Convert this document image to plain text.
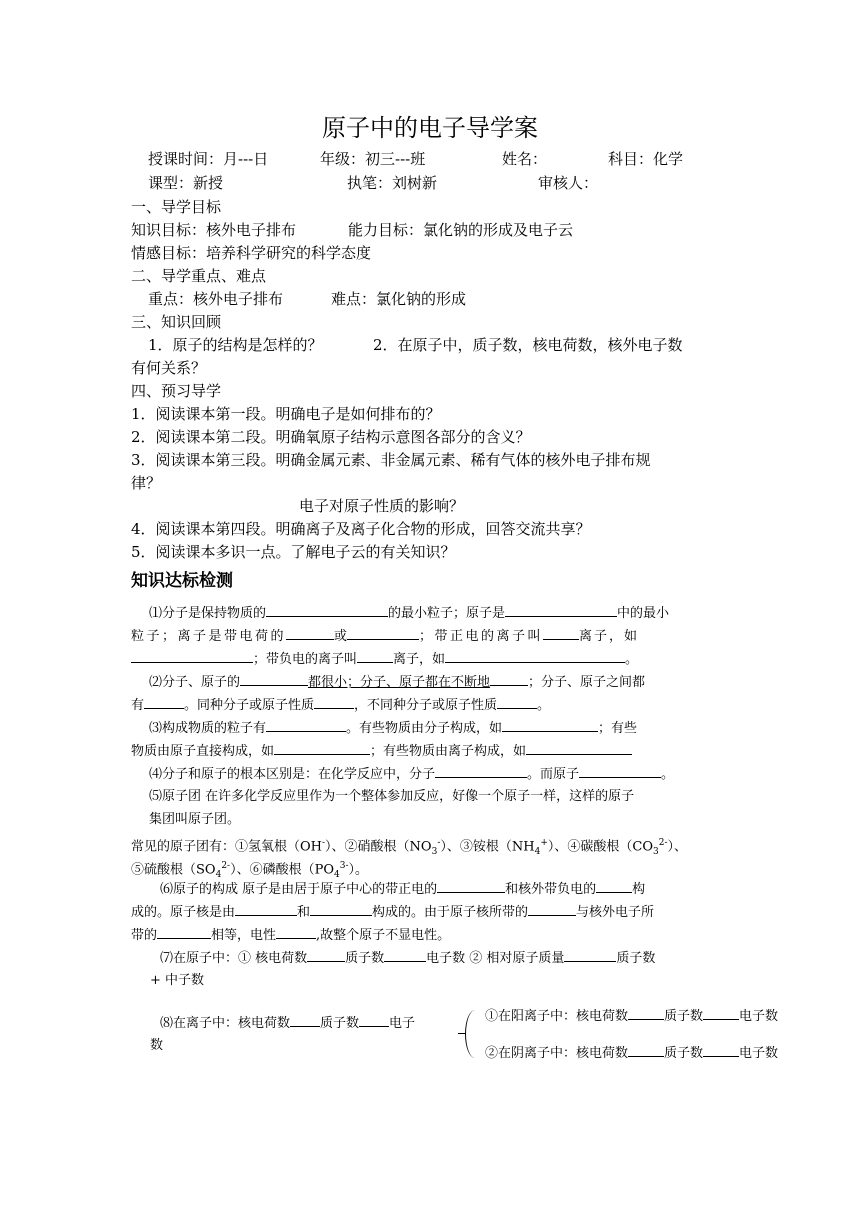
原子中的电子导学案
授课时间：月---日	年级：初三---班	姓名：	科目：化学
课型：新授	执笔：刘树新	审核人：
一、导学目标
知识目标：核外电子排布	能力目标：氯化钠的形成及电子云
情感目标：培养科学研究的科学态度
二、导学重点、难点
重点：核外电子排布	难点：氯化钠的形成
三、知识回顾
1．原子的结构是怎样的？	2．在原子中，质子数，核电荷数，核外电子数
有何关系？
四、预习导学
1．阅读课本第一段。明确电子是如何排布的？
2．阅读课本第二段。明确氧原子结构示意图各部分的含义？
3．阅读课本第三段。明确金属元素、非金属元素、稀有气体的核外电子排布规
律？
电子对原子性质的影响？
4．阅读课本第四段。明确离子及离子化合物的形成，回答交流共享？
5．阅读课本多识一点。了解电子云的有关知识？
知识达标检测
⑴分子是保持物质的	的最小粒子；原子是	中的最小
粒子；离子是带电荷的	或	；带正电的离子叫	离子，如
；带负电的离子叫	离子，如	。
⑵分子、原子的	都很小；分子、原子都在不断地	；分子、原子之间都
有	。同种分子或原子性质	，不同种分子或原子性质	。
⑶构成物质的粒子有	。有些物质由分子构成，如	；有些
物质由原子直接构成，如	；有些物质由离子构成，如
⑷分子和原子的根本区别是：在化学反应中，分子	。而原子	。
⑸原子团 在许多化学反应里作为一个整体参加反应，好像一个原子一样，这样的原子
集团叫原子团。
常见的原子团有：①氢氧根（OH-）、②硝酸根$(NO_3^-)$、③铵根$(NH_4^+)$、④碳酸根$(CO_3^{2-})$、
⑤硫酸根$(SO_4^{2-})$、⑥磷酸根$(PO_4^{3-})$。
⑹原子的构成 原子是由居于原子中心的带正电的	和核外带负电的	构
成的。原子核是由	和	构成的。由于原子核所带的	与核外电子所
带的	相等，电性	,故整个原子不显电性。
⑺在原子中：① 核电荷数	质子数	电子数 ② 相对原子质量	质子数
+ 中子数
⑻在离子中：核电荷数 质子数 电子
数
①在阳离子中：核电荷数	质子数	电子数
②在阴离子中：核电荷数	质子数	电子数
